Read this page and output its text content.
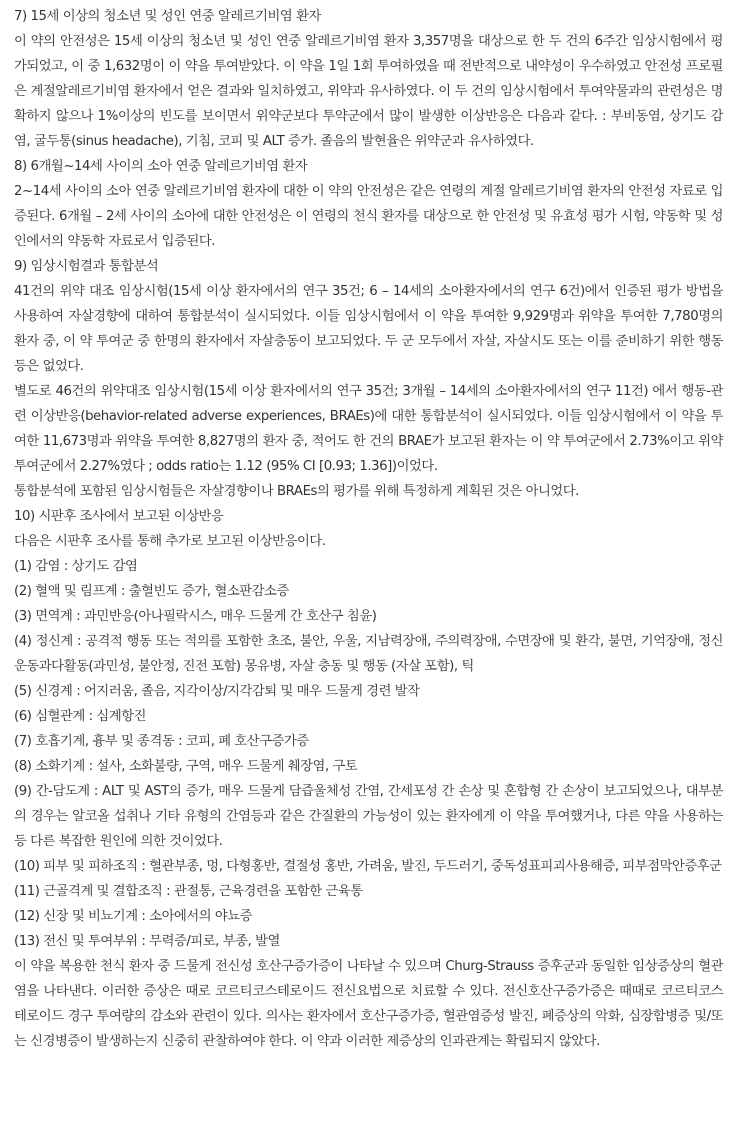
7) 15세 이상의 청소년 및 성인 연중 알레르기비염 환자

이 약의 안전성은 15세 이상의 청소년 및 성인 연중 알레르기비염 환자 3,357명을 대상으로 한 두 건의 6주간 임상시험에서 평가되었고, 이 중 1,632명이 이 약을 투여받았다. 이 약을 1일 1회 투여하였을 때 전반적으로 내약성이 우수하였고 안전성 프로필은 계절알레르기비염 환자에서 얻은 결과와 일치하였고, 위약과 유사하였다. 이 두 건의 임상시험에서 투여약물과의 관련성은 명확하지 않으나 1%이상의 빈도를 보이면서 위약군보다 투약군에서 많이 발생한 이상반응은 다음과 같다. : 부비동염, 상기도 감염, 굴두통(sinus headache), 기침, 코피 및 ALT 증가. 졸음의 발현율은 위약군과 유사하였다.

8) 6개월~14세 사이의 소아 연중 알레르기비염 환자

2~14세 사이의 소아 연중 알레르기비염 환자에 대한 이 약의 안전성은 같은 연령의 계절 알레르기비염 환자의 안전성 자료로 입증된다. 6개월 – 2세 사이의 소아에 대한 안전성은 이 연령의 천식 환자를 대상으로 한 안전성 및 유효성 평가 시험, 약동학 및 성인에서의 약동학 자료로서 입증된다.

9) 임상시험결과 통합분석

41건의 위약 대조 임상시험(15세 이상 환자에서의 연구 35건; 6 – 14세의 소아환자에서의 연구 6건)에서 인증된 평가 방법을 사용하여 자살경향에 대하여 통합분석이 실시되었다. 이들 임상시험에서 이 약을 투여한 9,929명과 위약을 투여한 7,780명의 환자 중, 이 약 투여군 중 한명의 환자에서 자살충동이 보고되었다. 두 군 모두에서 자살, 자살시도 또는 이를 준비하기 위한 행동 등은 없었다.

별도로 46건의 위약대조 임상시험(15세 이상 환자에서의 연구 35건; 3개월 – 14세의 소아환자에서의 연구 11건) 에서 행동-관련 이상반응(behavior-related adverse experiences, BRAEs)에 대한 통합분석이 실시되었다. 이들 임상시험에서 이 약을 투여한 11,673명과 위약을 투여한 8,827명의 환자 중, 적어도 한 건의 BRAE가 보고된 환자는 이 약 투여군에서 2.73%이고 위약 투여군에서 2.27%였다 ; odds ratio는 1.12 (95% CI [0.93; 1.36])이었다.

통합분석에 포함된 임상시험들은 자살경향이나 BRAEs의 평가를 위해 특정하게 계획된 것은 아니었다.

10) 시판후 조사에서 보고된 이상반응

다음은 시판후 조사를 통해 추가로 보고된 이상반응이다.

(1) 감염 : 상기도 감염

(2) 혈액 및 림프계 : 출혈빈도 증가, 혈소판감소증

(3) 면역계 : 과민반응(아나필락시스, 매우 드물게 간 호산구 침윤)

(4) 정신계 : 공격적 행동 또는 적의를 포함한 초조, 불안, 우울, 지남력장애, 주의력장애, 수면장애 및 환각, 불면, 기억장애, 정신운동과다활동(과민성, 불안정, 진전 포함) 몽유병, 자살 충동 및 행동 (자살 포함), 틱

(5) 신경계 : 어지러움, 졸음, 지각이상/지각감퇴 및 매우 드물게 경련 발작

(6) 심혈관계 : 심계항진

(7) 호흡기계, 흉부 및 종격동 : 코피, 폐 호산구증가증

(8) 소화기계 : 설사, 소화불량, 구역, 매우 드물게 췌장염, 구토

(9) 간-담도계 : ALT 및 AST의 증가, 매우 드물게 담즙울체성 간염, 간세포성 간 손상 및 혼합형 간 손상이 보고되었으나, 대부분의 경우는 알코올 섭취나 기타 유형의 간염등과 같은 간질환의 가능성이 있는 환자에게 이 약을 투여했거나, 다른 약을 사용하는 등 다른 복잡한 원인에 의한 것이었다.

(10) 피부 및 피하조직 : 혈관부종, 멍, 다형홍반, 결절성 홍반, 가려움, 발진, 두드러기, 중독성표피괴사용해증, 피부점막안증후군

(11) 근골격계 및 결합조직 : 관절통, 근육경련을 포함한 근육통

(12) 신장 및 비뇨기계 : 소아에서의 야뇨증

(13) 전신 및 투여부위 : 무력증/피로, 부종, 발열

이 약을 복용한 천식 환자 중 드물게 전신성 호산구증가증이 나타날 수 있으며 Churg-Strauss 증후군과 동일한 임상증상의 혈관염을 나타낸다. 이러한 증상은 때로 코르티코스테로이드 전신요법으로 치료할 수 있다. 전신호산구증가증은 때때로 코르티코스테로이드 경구 투여량의 감소와 관련이 있다. 의사는 환자에서 호산구증가증, 혈관염증성 발진, 폐증상의 악화, 심장합병증 및/또는 신경병증이 발생하는지 신중히 관찰하여야 한다. 이 약과 이러한 제증상의 인과관계는 확립되지 않았다.
